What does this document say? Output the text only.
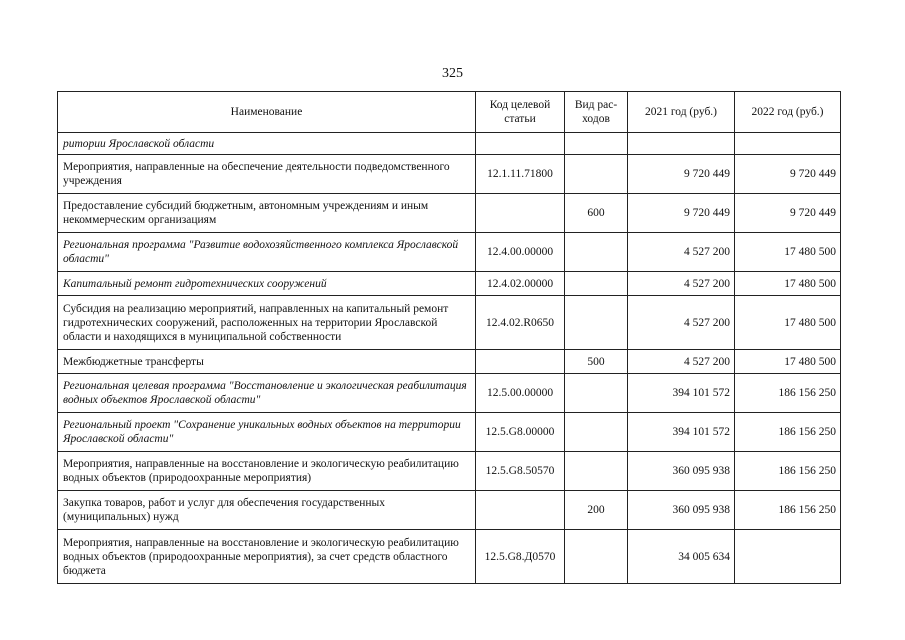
325
Наименование	Код целевой статьи	Вид рас-ходов	2021 год (руб.)	2022 год (руб.)
ритории Ярославской области				
Мероприятия, направленные на обеспечение деятельности подведомственного учреждения	12.1.11.71800		9 720 449	9 720 449
Предоставление субсидий бюджетным, автономным учреждениям и иным некоммерческим организациям		600	9 720 449	9 720 449
Региональная программа "Развитие водохозяйственного комплекса Ярославской области"	12.4.00.00000		4 527 200	17 480 500
Капитальный ремонт гидротехнических сооружений	12.4.02.00000		4 527 200	17 480 500
Субсидия на реализацию мероприятий, направленных на капитальный ремонт гидротехнических сооружений, расположенных на территории Ярославской области и находящихся в муниципальной собственности	12.4.02.R0650		4 527 200	17 480 500
Межбюджетные трансферты		500	4 527 200	17 480 500
Региональная целевая программа "Восстановление и экологическая реабилитация водных объектов Ярославской области"	12.5.00.00000		394 101 572	186 156 250
Региональный проект "Сохранение уникальных водных объектов на территории Ярославской области"	12.5.G8.00000		394 101 572	186 156 250
Мероприятия, направленные на восстановление и экологическую реабилитацию водных объектов (природоохранные мероприятия)	12.5.G8.50570		360 095 938	186 156 250
Закупка товаров, работ и услуг для обеспечения государственных (муниципальных) нужд		200	360 095 938	186 156 250
Мероприятия, направленные на восстановление и экологическую реабилитацию водных объектов (природоохранные мероприятия), за счет средств областного бюджета	12.5.G8.Д0570		34 005 634	
